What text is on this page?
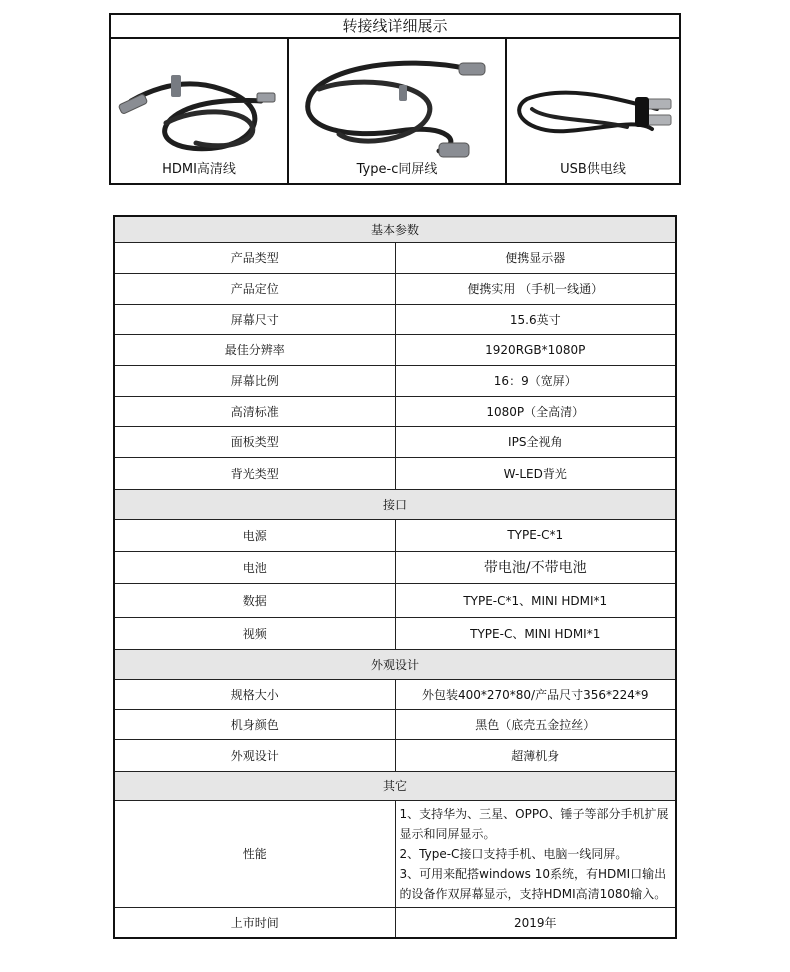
转接线详细展示
HDMI高清线	Type-c同屏线	USB供电线
基本参数	
产品类型	便携显示器
产品定位	便携实用 （手机一线通）
屏幕尺寸	15.6英寸
最佳分辨率	1920RGB*1080P
屏幕比例	16：9（宽屏）
高清标准	1080P（全高清）
面板类型	IPS全视角
背光类型	W-LED背光
接口	
电源	TYPE-C*1
电池	带电池/不带电池
数据	TYPE-C*1、MINI HDMI*1
视频	TYPE-C、MINI HDMI*1
外观设计	
规格大小	外包装400*270*80/产品尺寸356*224*9
机身颜色	黑色（底壳五金拉丝）
外观设计	超薄机身
其它	
性能	1、支持华为、三星、OPPO、锤子等部分手机扩展显示和同屏显示。
2、Type-C接口支持手机、电脑一线同屏。
3、可用来配搭windows 10系统，有HDMI口输出的设备作双屏幕显示，支持HDMI高清1080输入。

上市时间	2019年
